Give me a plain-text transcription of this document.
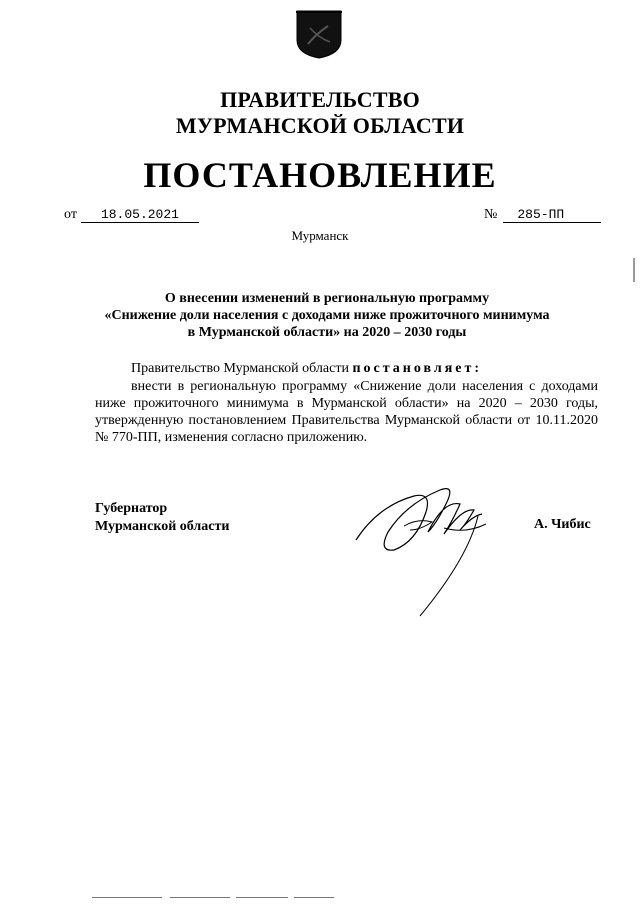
ПРАВИТЕЛЬСТВО
МУРМАНСКОЙ ОБЛАСТИ
ПОСТАНОВЛЕНИЕ
от 18.05.2021	№ 285-ПП
Мурманск
О внесении изменений в региональную программу
«Снижение доли населения с доходами ниже прожиточного минимума
в Мурманской области» на 2020 – 2030 годы
Правительство Мурманской области постановляет:
внести в региональную программу «Снижение доли населения с доходами ниже прожиточного минимума в Мурманской области» на 2020 – 2030 годы, утвержденную постановлением Правительства Мурманской области от 10.11.2020 № 770-ПП, изменения согласно приложению.
Губернатор
Мурманской области	А. Чибис
